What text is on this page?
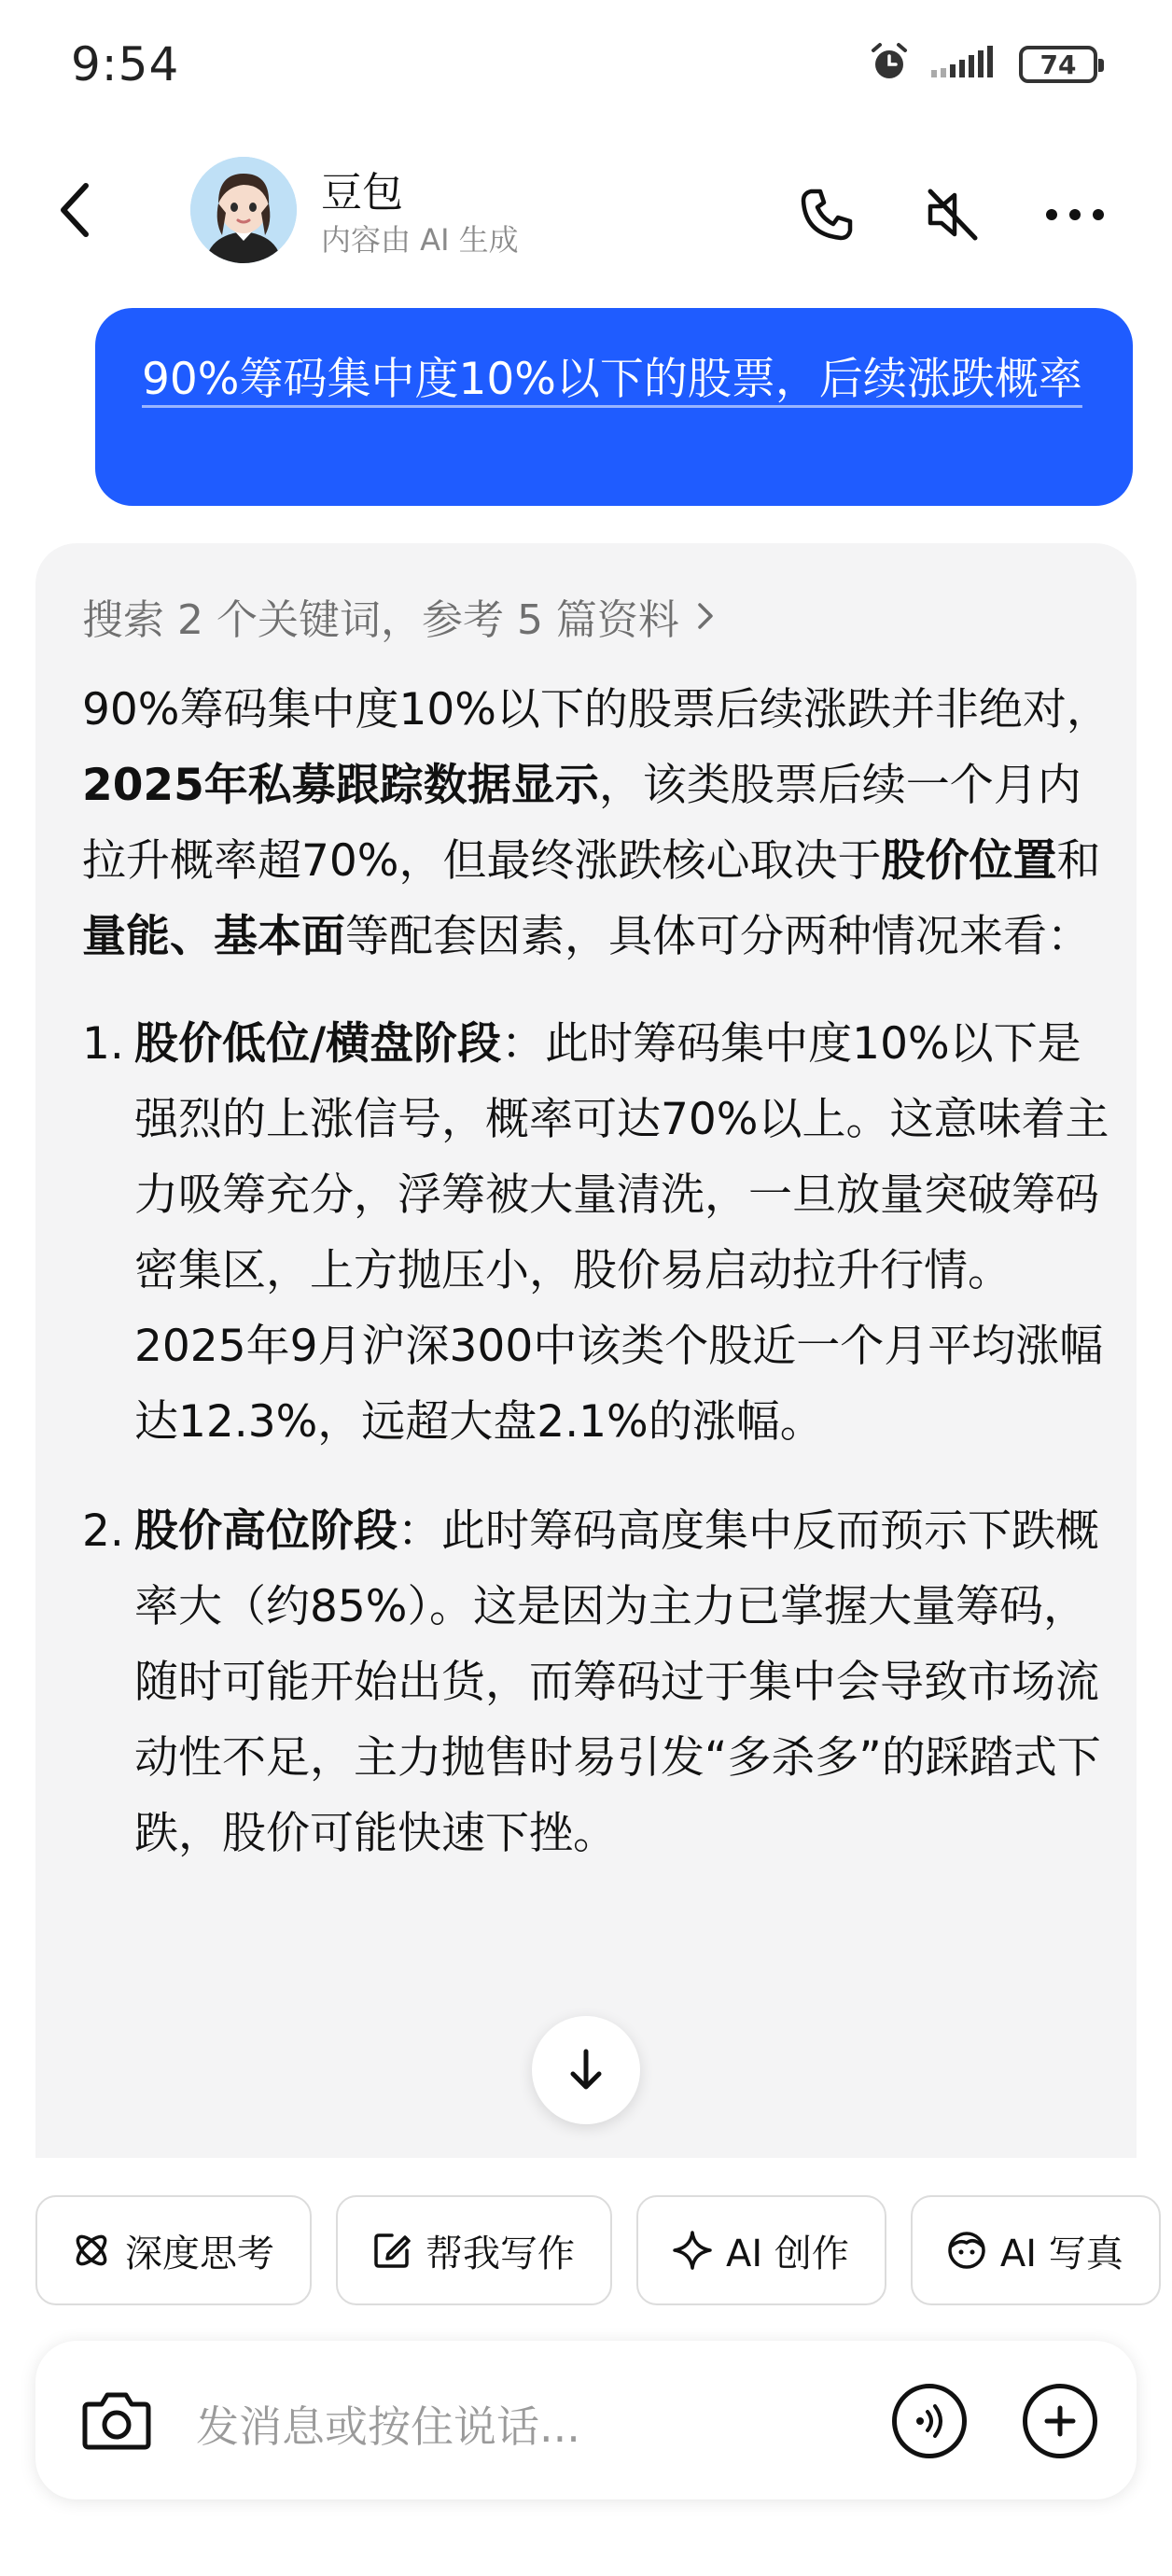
9:54	74
豆包
内容由 AI 生成
90%筹码集中度10%以下的股票，后续涨跌概率
搜索 2 个关键词，参考 5 篇资料

90%筹码集中度10%以下的股票后续涨跌并非绝对，2025年私募跟踪数据显示，该类股票后续一个月内拉升概率超70%，但最终涨跌核心取决于股价位置和量能、基本面等配套因素，具体可分两种情况来看：

1. 股价低位/横盘阶段：此时筹码集中度10%以下是强烈的上涨信号，概率可达70%以上。这意味着主力吸筹充分，浮筹被大量清洗，一旦放量突破筹码密集区，上方抛压小，股价易启动拉升行情。2025年9月沪深300中该类个股近一个月平均涨幅达12.3%，远超大盘2.1%的涨幅。
2. 股价高位阶段：此时筹码高度集中反而预示下跌概率大（约85%）。这是因为主力已掌握大量筹码，随时可能开始出货，而筹码过于集中会导致市场流动性不足，主力抛售时易引发“多杀多”的踩踏式下跌，股价可能快速下挫。
深度思考	帮我写作	AI 创作	AI 写真
发消息或按住说话...
